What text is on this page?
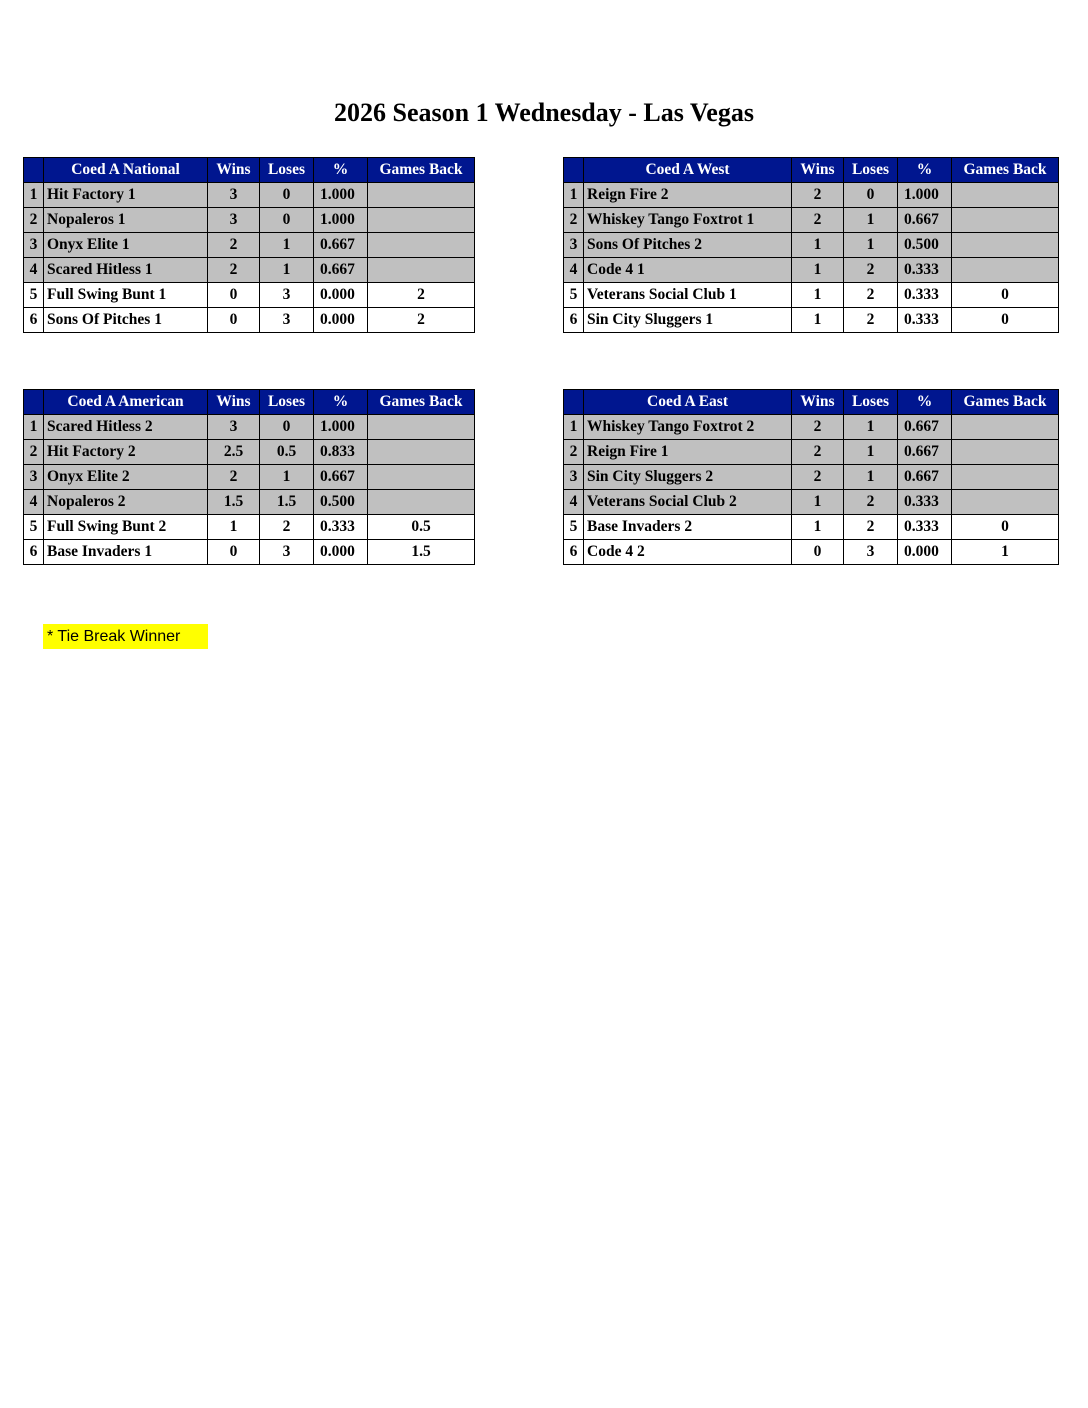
2026 Season 1 Wednesday - Las Vegas
	Coed A National	Wins	Loses	%	Games Back
1	Hit Factory 1	3	0	1.000	
2	Nopaleros 1	3	0	1.000	
3	Onyx Elite 1	2	1	0.667	
4	Scared Hitless 1	2	1	0.667	
5	Full Swing Bunt 1	0	3	0.000	2
6	Sons Of Pitches 1	0	3	0.000	2
	Coed A West	Wins	Loses	%	Games Back
1	Reign Fire 2	2	0	1.000	
2	Whiskey Tango Foxtrot 1	2	1	0.667	
3	Sons Of Pitches 2	1	1	0.500	
4	Code 4 1	1	2	0.333	
5	Veterans Social Club 1	1	2	0.333	0
6	Sin City Sluggers 1	1	2	0.333	0
	Coed A American	Wins	Loses	%	Games Back
1	Scared Hitless 2	3	0	1.000	
2	Hit Factory 2	2.5	0.5	0.833	
3	Onyx Elite 2	2	1	0.667	
4	Nopaleros 2	1.5	1.5	0.500	
5	Full Swing Bunt 2	1	2	0.333	0.5
6	Base Invaders 1	0	3	0.000	1.5
	Coed A East	Wins	Loses	%	Games Back
1	Whiskey Tango Foxtrot 2	2	1	0.667	
2	Reign Fire 1	2	1	0.667	
3	Sin City Sluggers 2	2	1	0.667	
4	Veterans Social Club 2	1	2	0.333	
5	Base Invaders 2	1	2	0.333	0
6	Code 4 2	0	3	0.000	1
* Tie Break Winner
